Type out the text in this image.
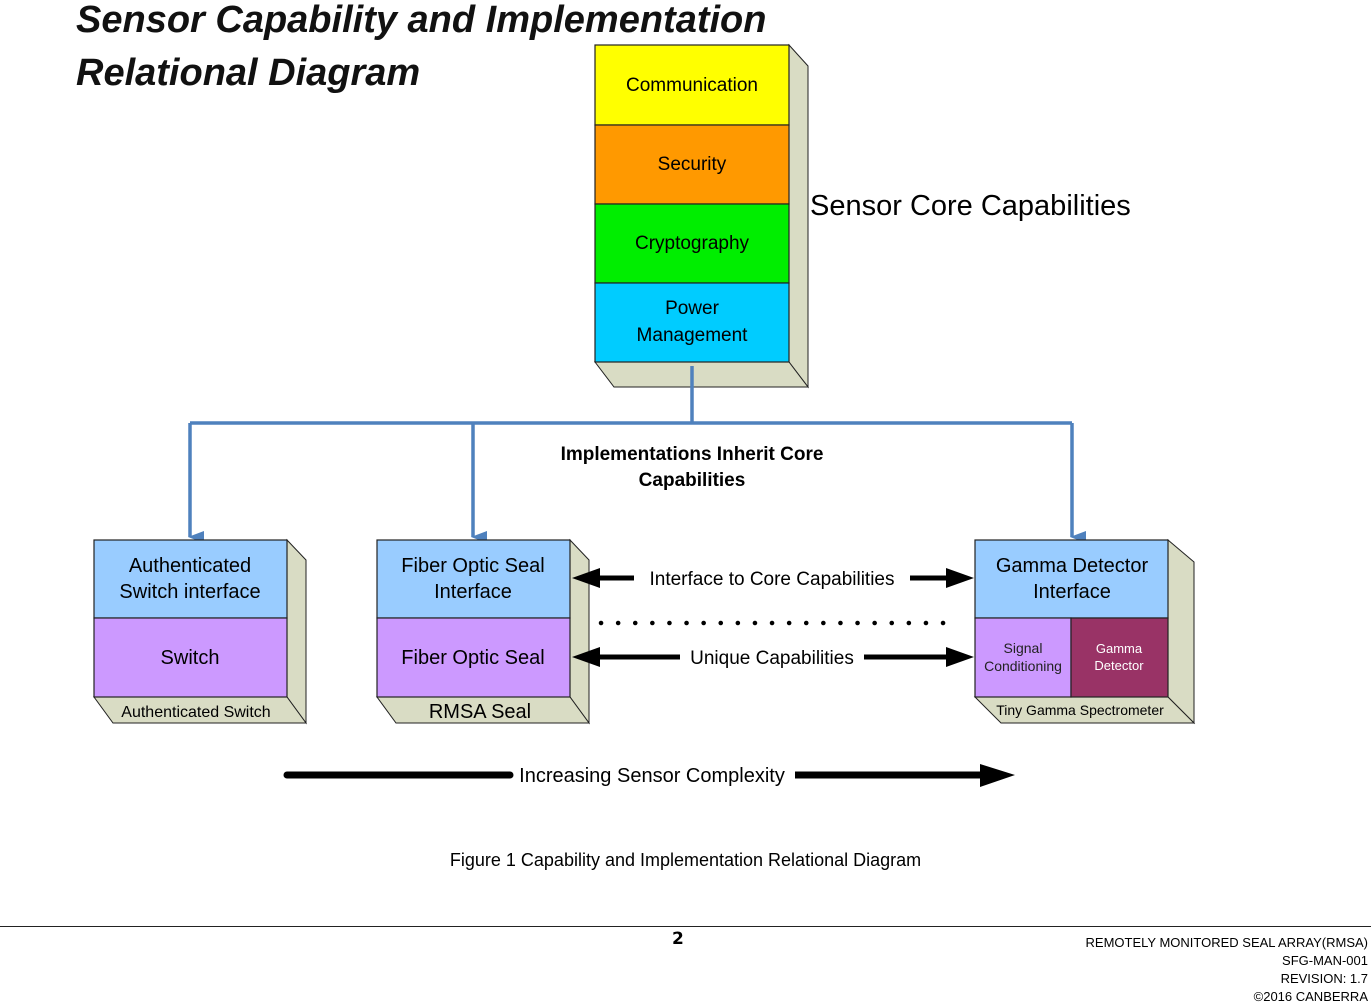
Sensor Capability and Implementation
Relational Diagram	Communication
Security
Cryptography
Power
Management
Sensor Core Capabilities
Implementations Inherit Core
Capabilities
Authenticated
Switch interface
Switch
Authenticated Switch
Fiber Optic Seal
Interface
Fiber Optic Seal
RMSA Seal
Gamma Detector
Interface
Signal
Conditioning
Gamma
Detector
Tiny Gamma Spectrometer
Interface to Core Capabilities
Unique Capabilities
Increasing Sensor Complexity
Figure 1 Capability and Implementation Relational Diagram
2	REMOTELY MONITORED SEAL ARRAY(RMSA)
SFG-MAN-001
REVISION: 1.7
©2016 CANBERRA
